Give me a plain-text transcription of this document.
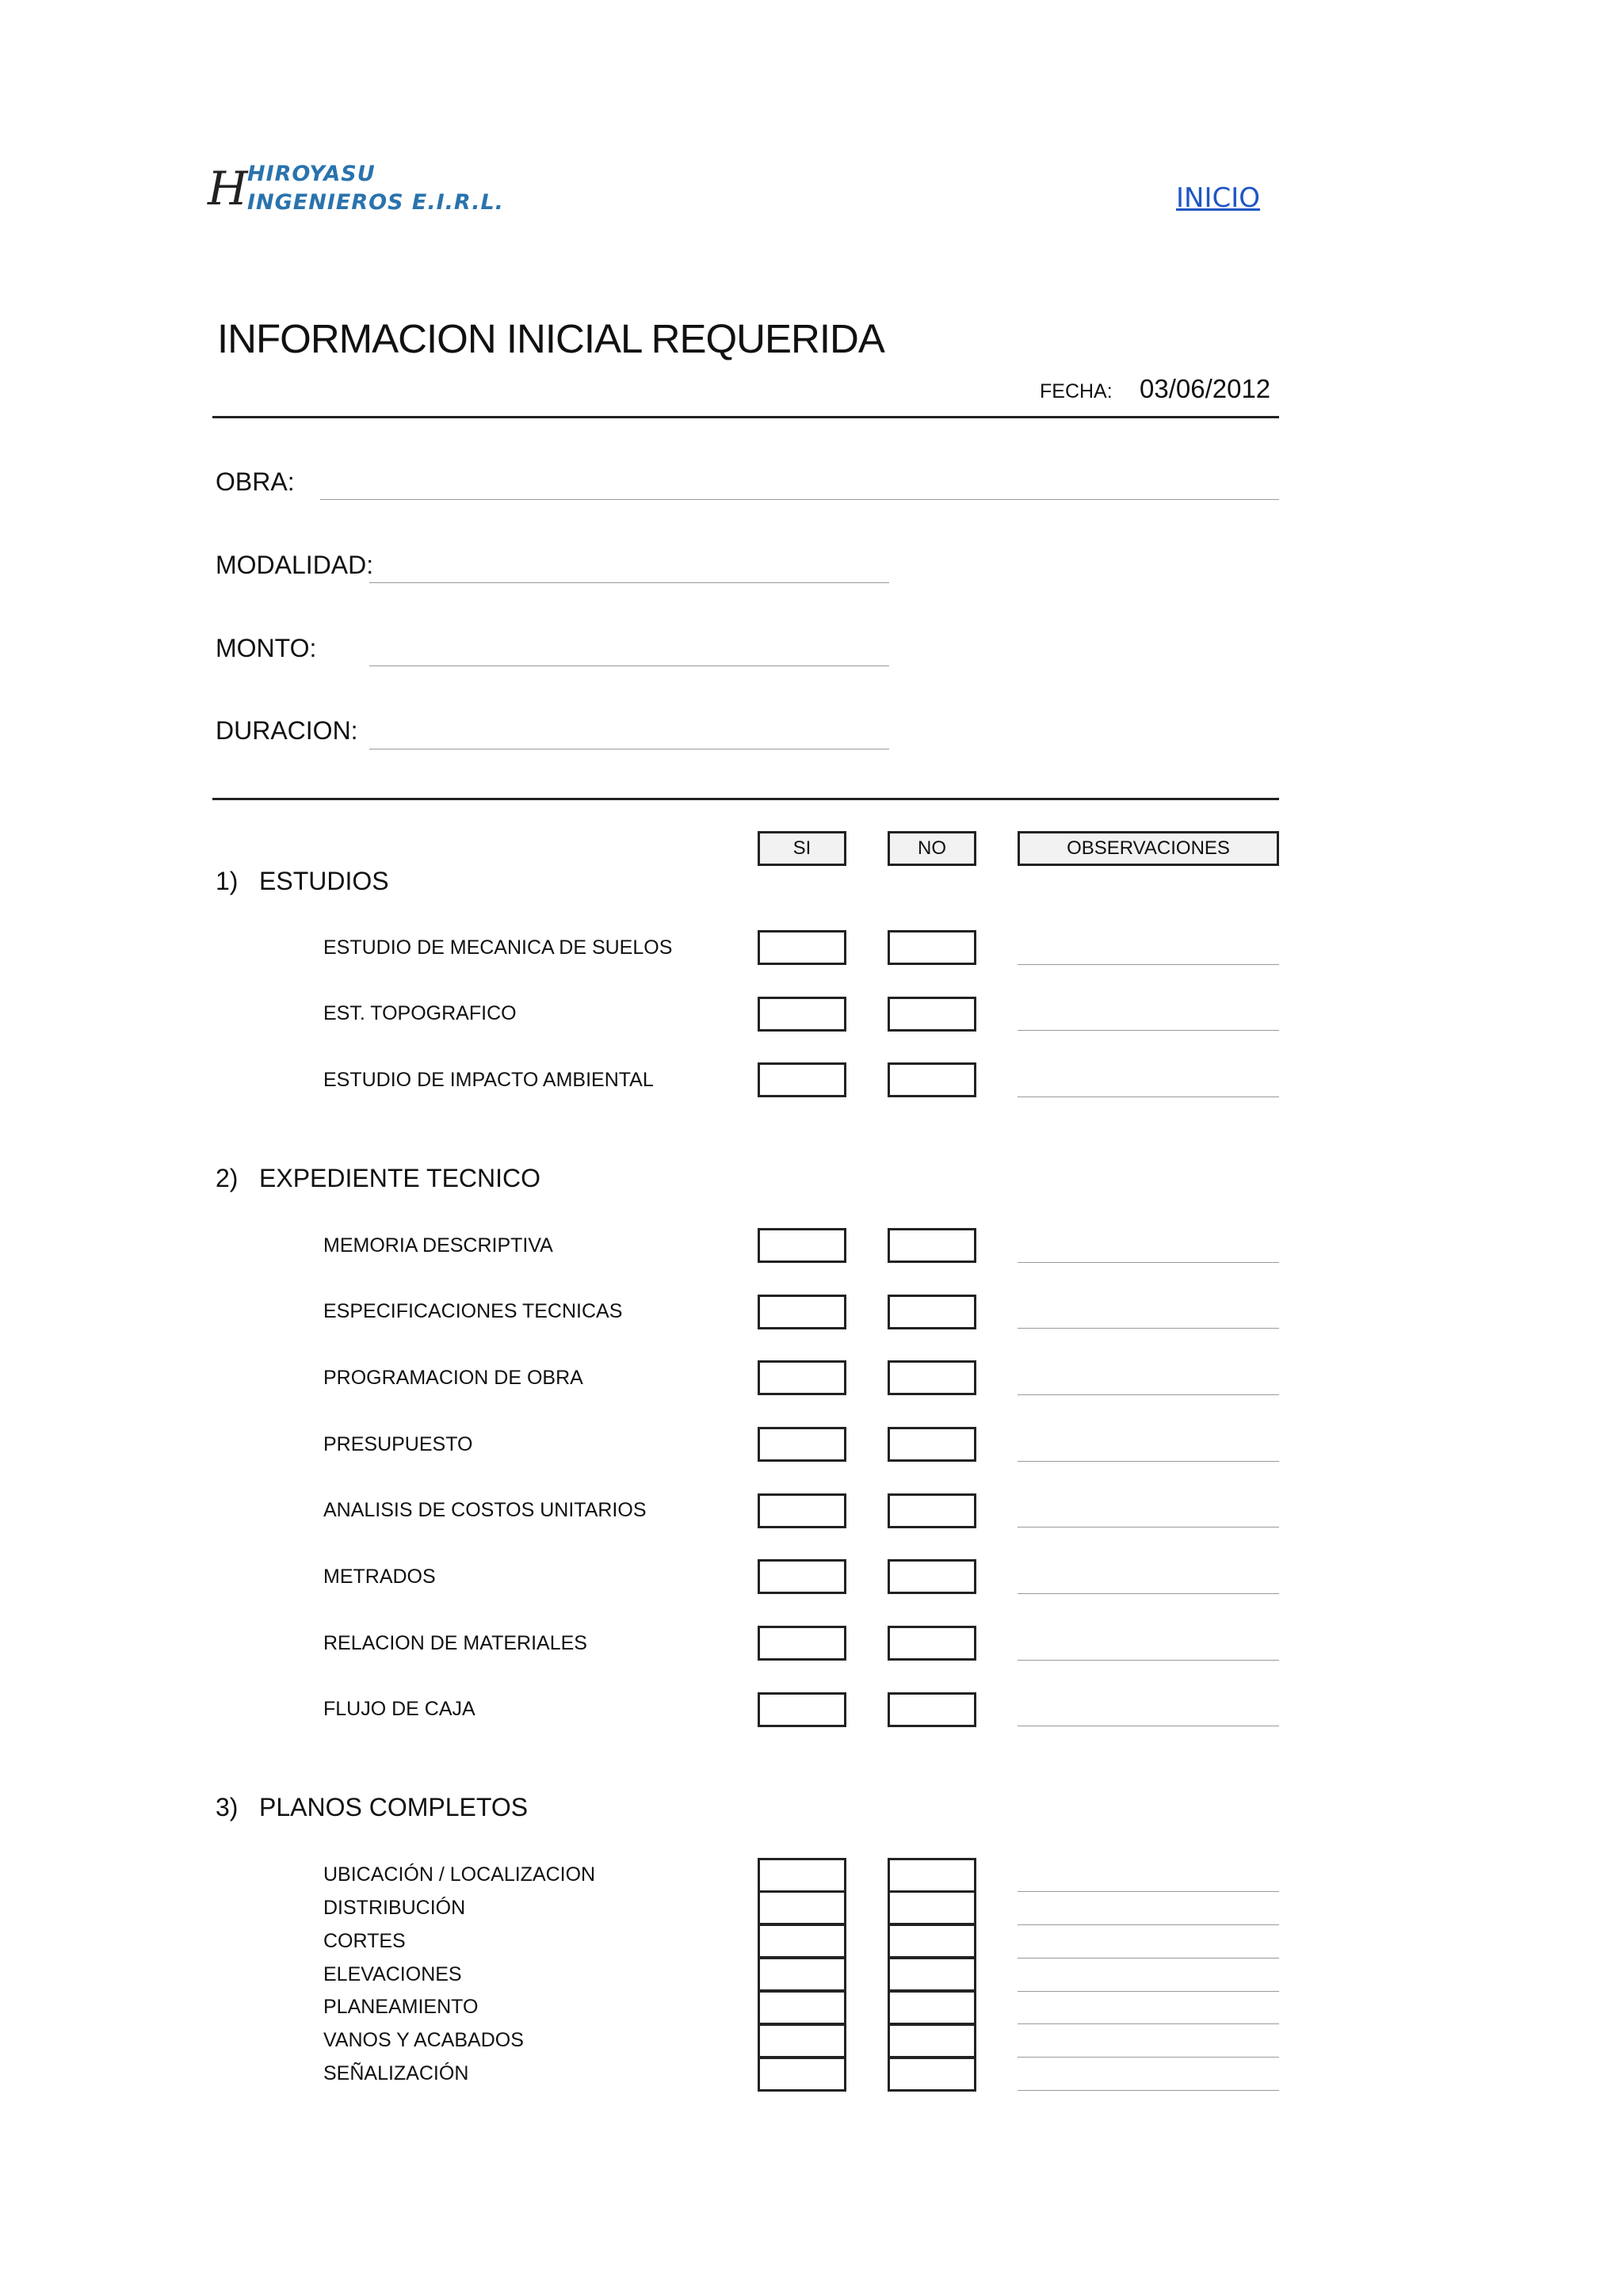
H HIROYASU
INGENIEROS E.I.R.L.	INICIO
INFORMACION INICIAL REQUERIDA
FECHA: 03/06/2012
OBRA:
MODALIDAD:
MONTO:
DURACION:
SI	NO	OBSERVACIONES
1) ESTUDIOS
ESTUDIO DE MECANICA DE SUELOS
EST. TOPOGRAFICO
ESTUDIO DE IMPACTO AMBIENTAL
2) EXPEDIENTE TECNICO
MEMORIA DESCRIPTIVA
ESPECIFICACIONES TECNICAS
PROGRAMACION DE OBRA
PRESUPUESTO
ANALISIS DE COSTOS UNITARIOS
METRADOS
RELACION DE MATERIALES
FLUJO DE CAJA
3) PLANOS COMPLETOS
UBICACIÓN / LOCALIZACION
DISTRIBUCIÓN
CORTES
ELEVACIONES
PLANEAMIENTO
VANOS Y ACABADOS
SEÑALIZACIÓN
